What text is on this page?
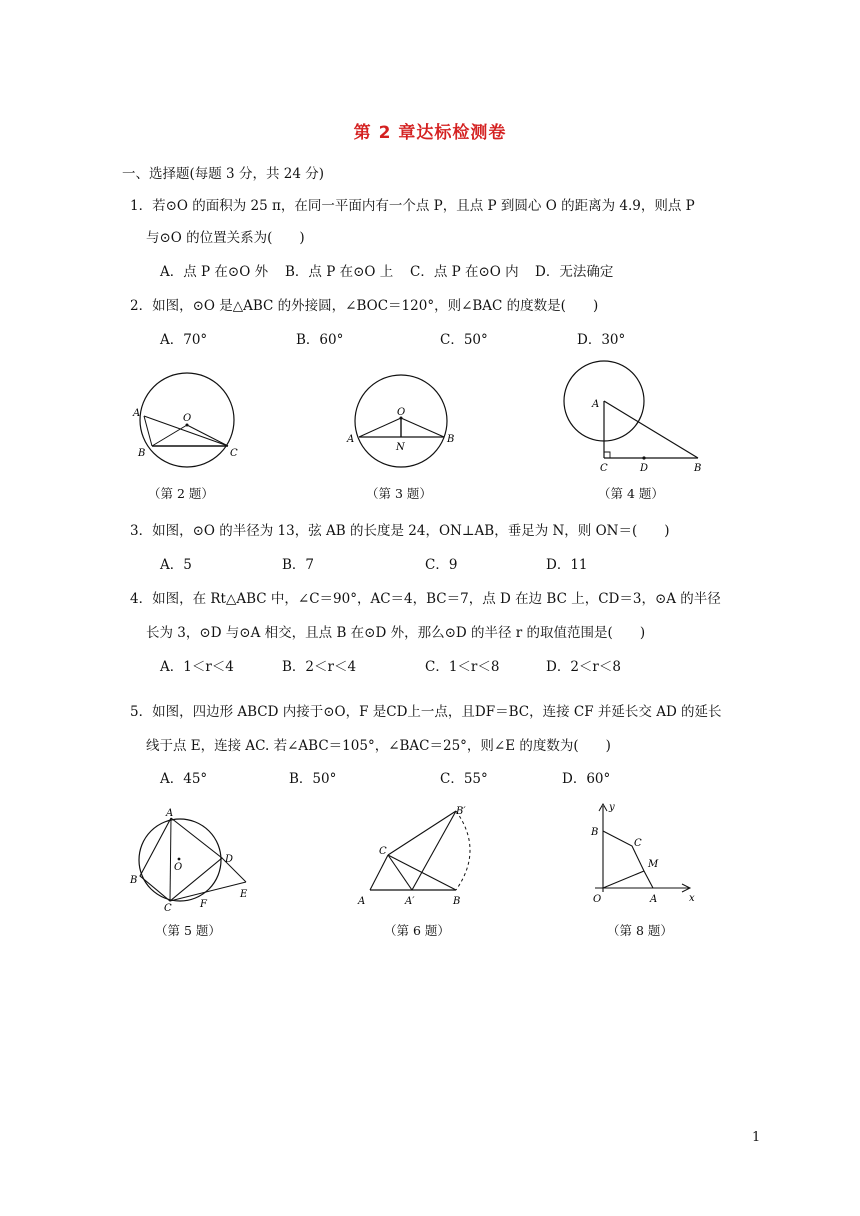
第 2 章达标检测卷
一、选择题(每题 3 分，共 24 分)
1．若⊙O 的面积为 25 π，在同一平面内有一个点 P，且点 P 到圆心 O 的距离为 4.9，则点 P
与⊙O 的位置关系为(　　)
A．点 P 在⊙O 外 B．点 P 在⊙O 上 C．点 P 在⊙O 内 D．无法确定
2．如图，⊙O 是△ABC 的外接圆，∠BOC＝120°，则∠BAC 的度数是(　　)
A．70°	B．60°	C．50°	D．30°
A	O
B	C
O
A
N
B
A
C	D	B
（第 2 题）	（第 3 题）	（第 4 题）
3．如图，⊙O 的半径为 13，弦 AB 的长度是 24，ON⊥AB，垂足为 N，则 ON＝(　　)
A．5	B．7	C．9	D．11
4．如图，在 Rt△ABC 中，∠C＝90°，AC＝4，BC＝7，点 D 在边 BC 上，CD＝3，⊙A 的半径
长为 3，⊙D 与⊙A 相交，且点 B 在⊙D 外，那么⊙D 的半径 r 的取值范围是(　　)
A．1＜r＜4	B．2＜r＜4	C．1＜r＜8	D．2＜r＜8
5．如图，四边形 ABCD 内接于⊙O，F 是CD上一点，且DF＝BC，连接 CF 并延长交 AD 的延长
线于点 E，连接 AC. 若∠ABC＝105°，∠BAC＝25°，则∠E 的度数为(　　)
A．45°	B．50°	C．55°	D．60°
A
D
O
B
E
C	F
B′
C
A	A′	B
y
B
C
M
O	A	x
（第 5 题）	（第 6 题）	（第 8 题）
1
